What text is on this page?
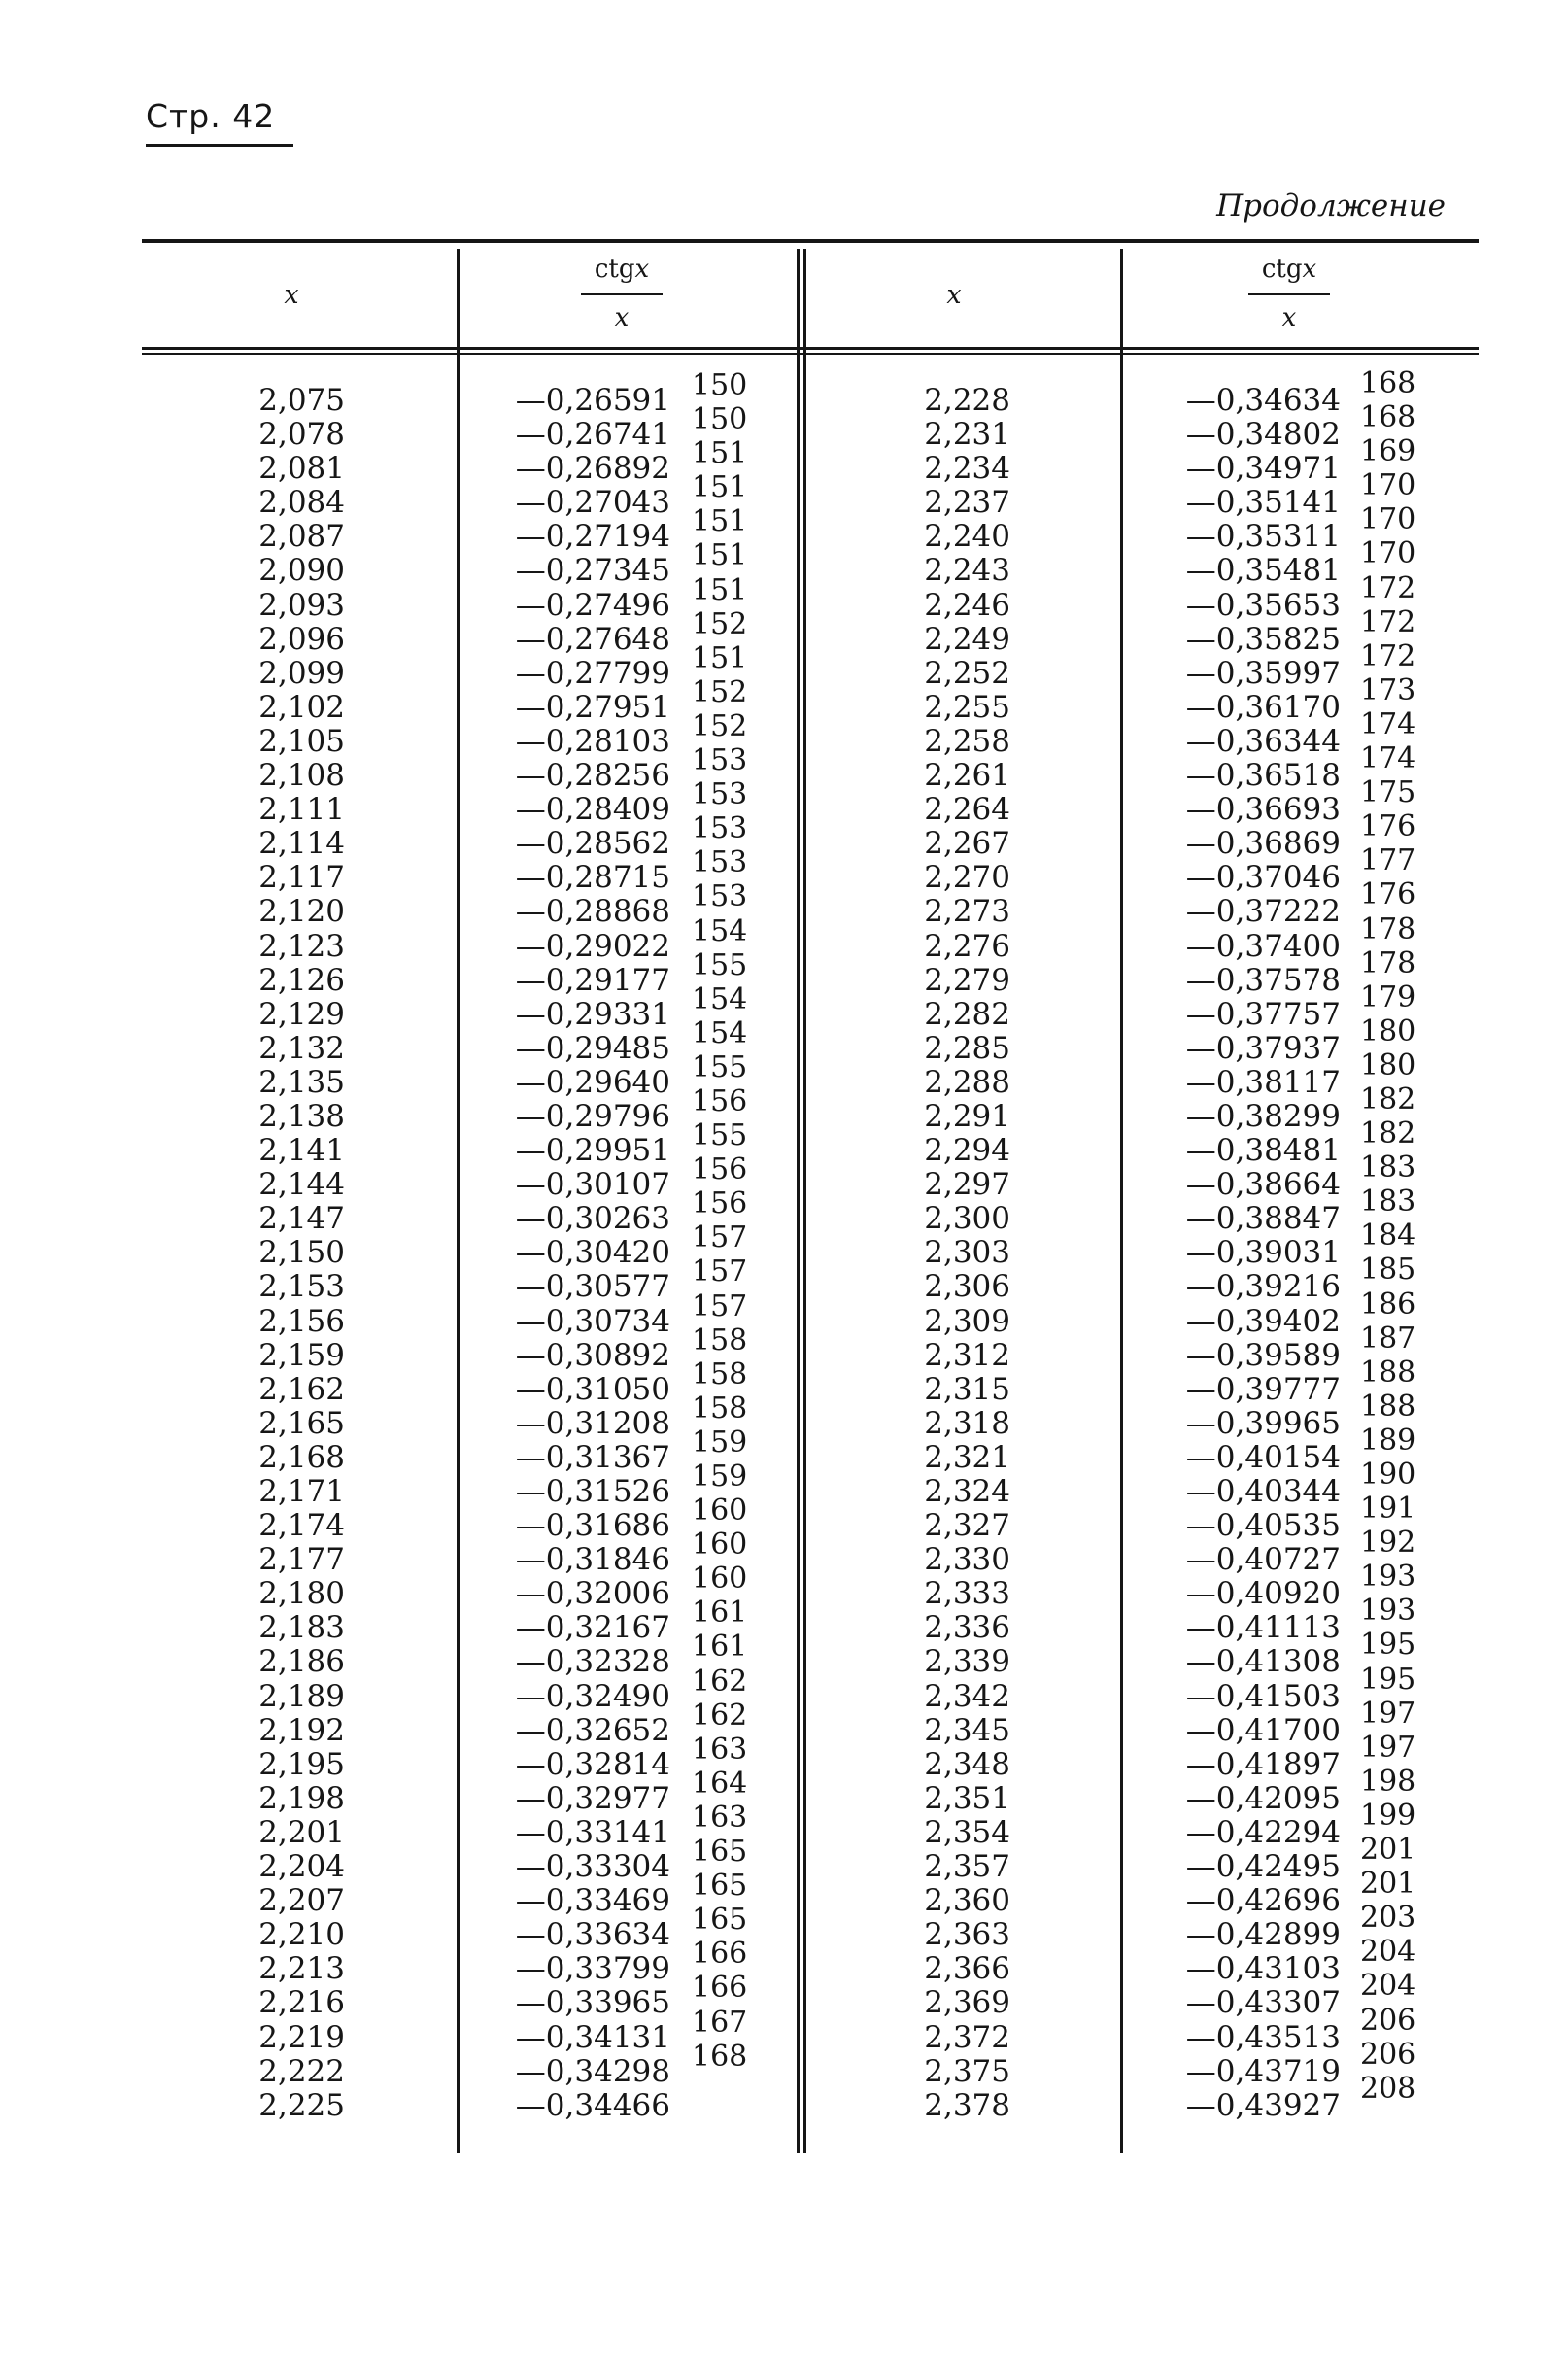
Стр. 42
Продолжение
x
ctgx
x
x
ctgx
x
2,075
2,078
2,081
2,084
2,087
2,090
2,093
2,096
2,099
2,102
2,105
2,108
2,111
2,114
2,117
2,120
2,123
2,126
2,129
2,132
2,135
2,138
2,141
2,144
2,147
2,150
2,153
2,156
2,159
2,162
2,165
2,168
2,171
2,174
2,177
2,180
2,183
2,186
2,189
2,192
2,195
2,198
2,201
2,204
2,207
2,210
2,213
2,216
2,219
2,222
2,225
—0,26591
—0,26741
—0,26892
—0,27043
—0,27194
—0,27345
—0,27496
—0,27648
—0,27799
—0,27951
—0,28103
—0,28256
—0,28409
—0,28562
—0,28715
—0,28868
—0,29022
—0,29177
—0,29331
—0,29485
—0,29640
—0,29796
—0,29951
—0,30107
—0,30263
—0,30420
—0,30577
—0,30734
—0,30892
—0,31050
—0,31208
—0,31367
—0,31526
—0,31686
—0,31846
—0,32006
—0,32167
—0,32328
—0,32490
—0,32652
—0,32814
—0,32977
—0,33141
—0,33304
—0,33469
—0,33634
—0,33799
—0,33965
—0,34131
—0,34298
—0,34466
150
150
151
151
151
151
151
152
151
152
152
153
153
153
153
153
154
155
154
154
155
156
155
156
156
157
157
157
158
158
158
159
159
160
160
160
161
161
162
162
163
164
163
165
165
165
166
166
167
168
2,228
2,231
2,234
2,237
2,240
2,243
2,246
2,249
2,252
2,255
2,258
2,261
2,264
2,267
2,270
2,273
2,276
2,279
2,282
2,285
2,288
2,291
2,294
2,297
2,300
2,303
2,306
2,309
2,312
2,315
2,318
2,321
2,324
2,327
2,330
2,333
2,336
2,339
2,342
2,345
2,348
2,351
2,354
2,357
2,360
2,363
2,366
2,369
2,372
2,375
2,378
—0,34634
—0,34802
—0,34971
—0,35141
—0,35311
—0,35481
—0,35653
—0,35825
—0,35997
—0,36170
—0,36344
—0,36518
—0,36693
—0,36869
—0,37046
—0,37222
—0,37400
—0,37578
—0,37757
—0,37937
—0,38117
—0,38299
—0,38481
—0,38664
—0,38847
—0,39031
—0,39216
—0,39402
—0,39589
—0,39777
—0,39965
—0,40154
—0,40344
—0,40535
—0,40727
—0,40920
—0,41113
—0,41308
—0,41503
—0,41700
—0,41897
—0,42095
—0,42294
—0,42495
—0,42696
—0,42899
—0,43103
—0,43307
—0,43513
—0,43719
—0,43927
168
168
169
170
170
170
172
172
172
173
174
174
175
176
177
176
178
178
179
180
180
182
182
183
183
184
185
186
187
188
188
189
190
191
192
193
193
195
195
197
197
198
199
201
201
203
204
204
206
206
208
